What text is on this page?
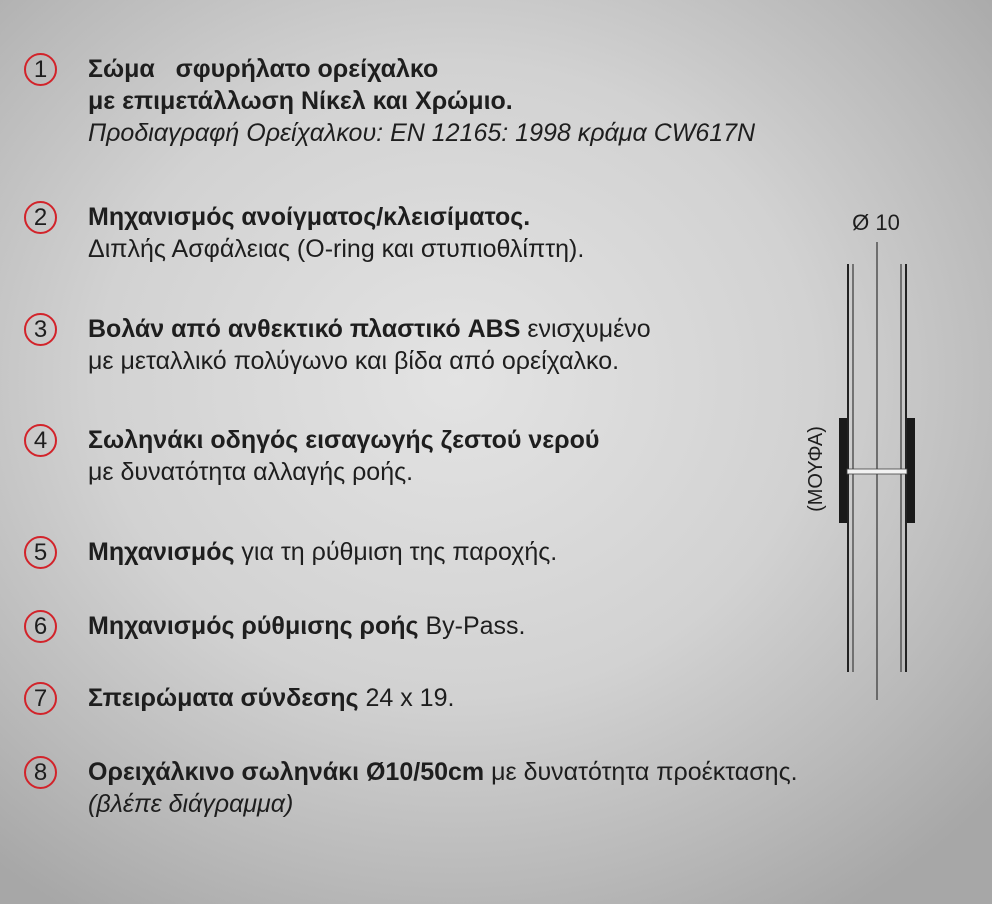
1	Σώμα   σφυρήλατο ορείχαλκο
με επιμετάλλωση Νίκελ και Χρώμιο.
Προδιαγραφή Ορείχαλκου: EN 12165: 1998 κράμα CW617N
2	Μηχανισμός ανοίγματος/κλεισίματος.
Διπλής Ασφάλειας (O-ring και στυπιοθλίπτη).
3	Βολάν από ανθεκτικό πλαστικό ABS ενισχυμένο
με μεταλλικό πολύγωνο και βίδα από ορείχαλκο.
4	Σωληνάκι οδηγός εισαγωγής ζεστού νερού
με δυνατότητα αλλαγής ροής.
5	Μηχανισμός για τη ρύθμιση της παροχής.
6	Μηχανισμός ρύθμισης ροής By-Pass.
7	Σπειρώματα σύνδεσης 24 x 19.
8	Ορειχάλκινο σωληνάκι Ø10/50cm με δυνατότητα προέκτασης.
(βλέπε διάγραμμα)
Ø 10
(ΜΟΥΦΑ)
